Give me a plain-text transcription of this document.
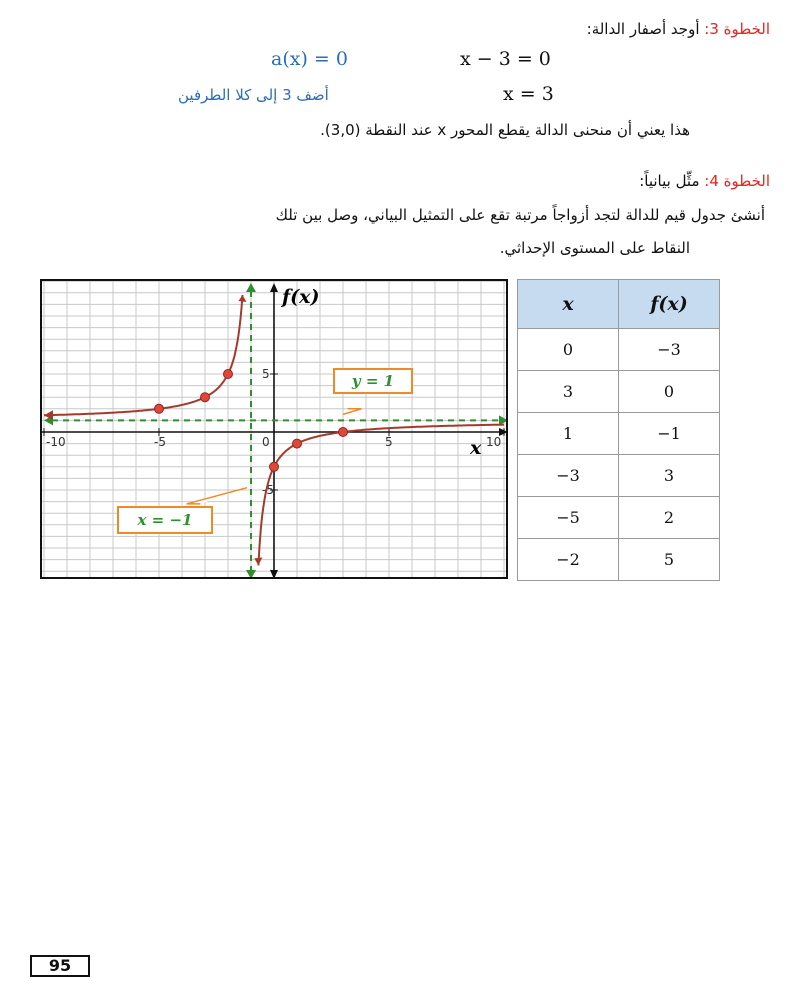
الخطوة 3: أوجد أصفار الدالة:
x − 3 = 0
a(x) = 0
x = 3
أضف 3 إلى كلا الطرفين
هذا يعني أن منحنى الدالة يقطع المحور x عند النقطة (3,0).
الخطوة 4: مثِّل بيانياً:
أنشئ جدول قيم للدالة لتجد أزواجاً مرتبة تقع على التمثيل البياني، وصل بين تلك
النقاط على المستوى الإحداثي.
-10	-5	0	5	10
5
-5
f(x)
x
y = 1
x = −1
x	f(x)
0	−3
3	0
1	−1
−3	3
−5	2
−2	5
95
